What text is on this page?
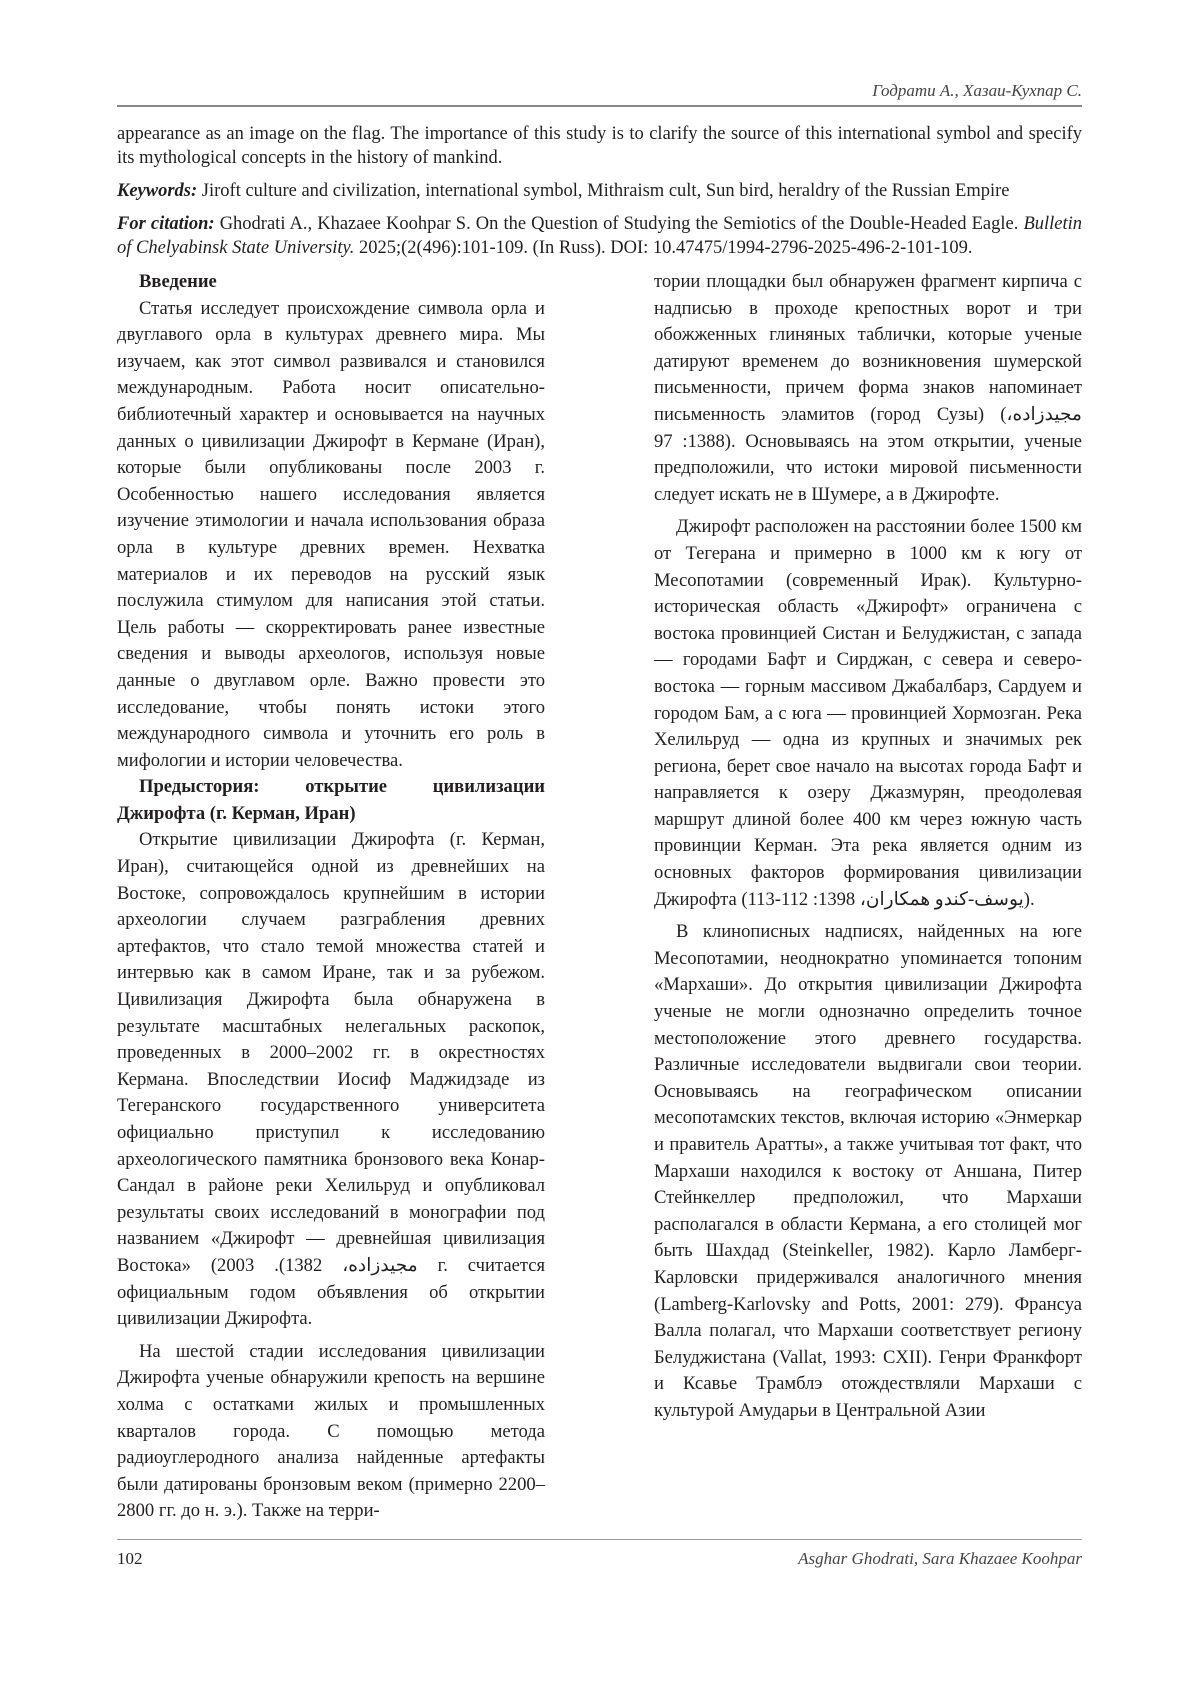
Годрати А., Хазаи-Кухпар С.

appearance as an image on the flag. The importance of this study is to clarify the source of this international symbol and specify its mythological concepts in the history of mankind.

Keywords: Jiroft culture and civilization, international symbol, Mithraism cult, Sun bird, heraldry of the Russian Empire

For citation: Ghodrati A., Khazaee Koohpar S. On the Question of Studying the Semiotics of the Double-Headed Eagle. Bulletin of Chelyabinsk State University. 2025;(2(496):101-109. (In Russ). DOI: 10.47475/1994-2796-2025-496-2-101-109.

Введение

Статья исследует происхождение символа орла и двуглавого орла в культурах древнего мира. Мы изучаем, как этот символ развивался и становился международным. Работа носит описательно-библиотечный характер и основывается на научных данных о цивилизации Джирофт в Кермане (Иран), которые были опубликованы после 2003 г. Особенностью нашего исследования является изучение этимологии и начала использования образа орла в культуре древних времен. Нехватка материалов и их переводов на русский язык послужила стимулом для написания этой статьи. Цель работы — скорректировать ранее известные сведения и выводы археологов, используя новые данные о двуглавом орле. Важно провести это исследование, чтобы понять истоки этого международного символа и уточнить его роль в мифологии и истории человечества.

Предыстория: открытие цивилизации Джирофта (г. Керман, Иран)

Открытие цивилизации Джирофта (г. Керман, Иран), считающейся одной из древнейших на Востоке, сопровождалось крупнейшим в истории археологии случаем разграбления древних артефактов, что стало темой множества статей и интервью как в самом Иране, так и за рубежом. Цивилизация Джирофта была обнаружена в результате масштабных нелегальных раскопок, проведенных в 2000–2002 гг. в окрестностях Кермана. Впоследствии Иосиф Маджидзаде из Тегеранского государственного университета официально приступил к исследованию археологического памятника бронзового века Конар-Сандал в районе реки Хелильруд и опубликовал результаты своих исследований в монографии под названием «Джирофт — древнейшая цивилизация Востока» (	مجیدزاده، 1382). 2003 г. считается официальным годом объявления об открытии цивилизации Джирофта.

На шестой стадии исследования цивилизации Джирофта ученые обнаружили крепость на вершине холма с остатками жилых и промышленных кварталов города. С помощью метода радиоуглеродного анализа найденные артефакты были датированы бронзовым веком (примерно 2200–2800 гг. до н. э.). Также на терри-

тории площадки был обнаружен фрагмент кирпича с надписью в проходе крепостных ворот и три обожженных глиняных таблички, которые ученые датируют временем до возникновения шумерской письменности, причем форма знаков напоминает письменность эламитов (город Сузы) (مجیدزاده، 1388: 97). Основываясь на этом открытии, ученые предположили, что истоки мировой письменности следует искать не в Шумере, а в Джирофте.

Джирофт расположен на расстоянии более 1500 км от Тегерана и примерно в 1000 км к югу от Месопотамии (современный Ирак). Культурно-историческая область «Джирофт» ограничена с востока провинцией Систан и Белуджистан, с запада — городами Бафт и Сирджан, с севера и северо-востока — горным массивом Джабалбарз, Сардуем и городом Бам, а с юга — провинцией Хормозган. Река Хелильруд — одна из крупных и значимых рек региона, берет свое начало на высотах города Бафт и направляется к озеру Джазмурян, преодолевая маршрут длиной более 400 км через южную часть провинции Керман. Эта река является одним из основных факторов формирования цивилизации Джирофта (یوسف-کندو همکاران، 1398: 112-113).

В клинописных надписях, найденных на юге Месопотамии, неоднократно упоминается топоним «Мархаши». До открытия цивилизации Джирофта ученые не могли однозначно определить точное местоположение этого древнего государства. Различные исследователи выдвигали свои теории. Основываясь на географическом описании месопотамских текстов, включая историю «Энмеркар и правитель Аратты», а также учитывая тот факт, что Мархаши находился к востоку от Аншана, Питер Стейнкеллер предположил, что Мархаши располагался в области Кермана, а его столицей мог быть Шахдад (Steinkeller, 1982). Карло Ламберг-Карловски придерживался аналогичного мнения (Lamberg-Karlovsky and Potts, 2001: 279). Франсуа Валла полагал, что Мархаши соответствует региону Белуджистана (Vallat, 1993: CXII). Генри Франкфорт и Ксавье Трамблэ отождествляли Мархаши с культурой Амударьи в Центральной Азии

102	Asghar Ghodrati, Sara Khazaee Koohpar
